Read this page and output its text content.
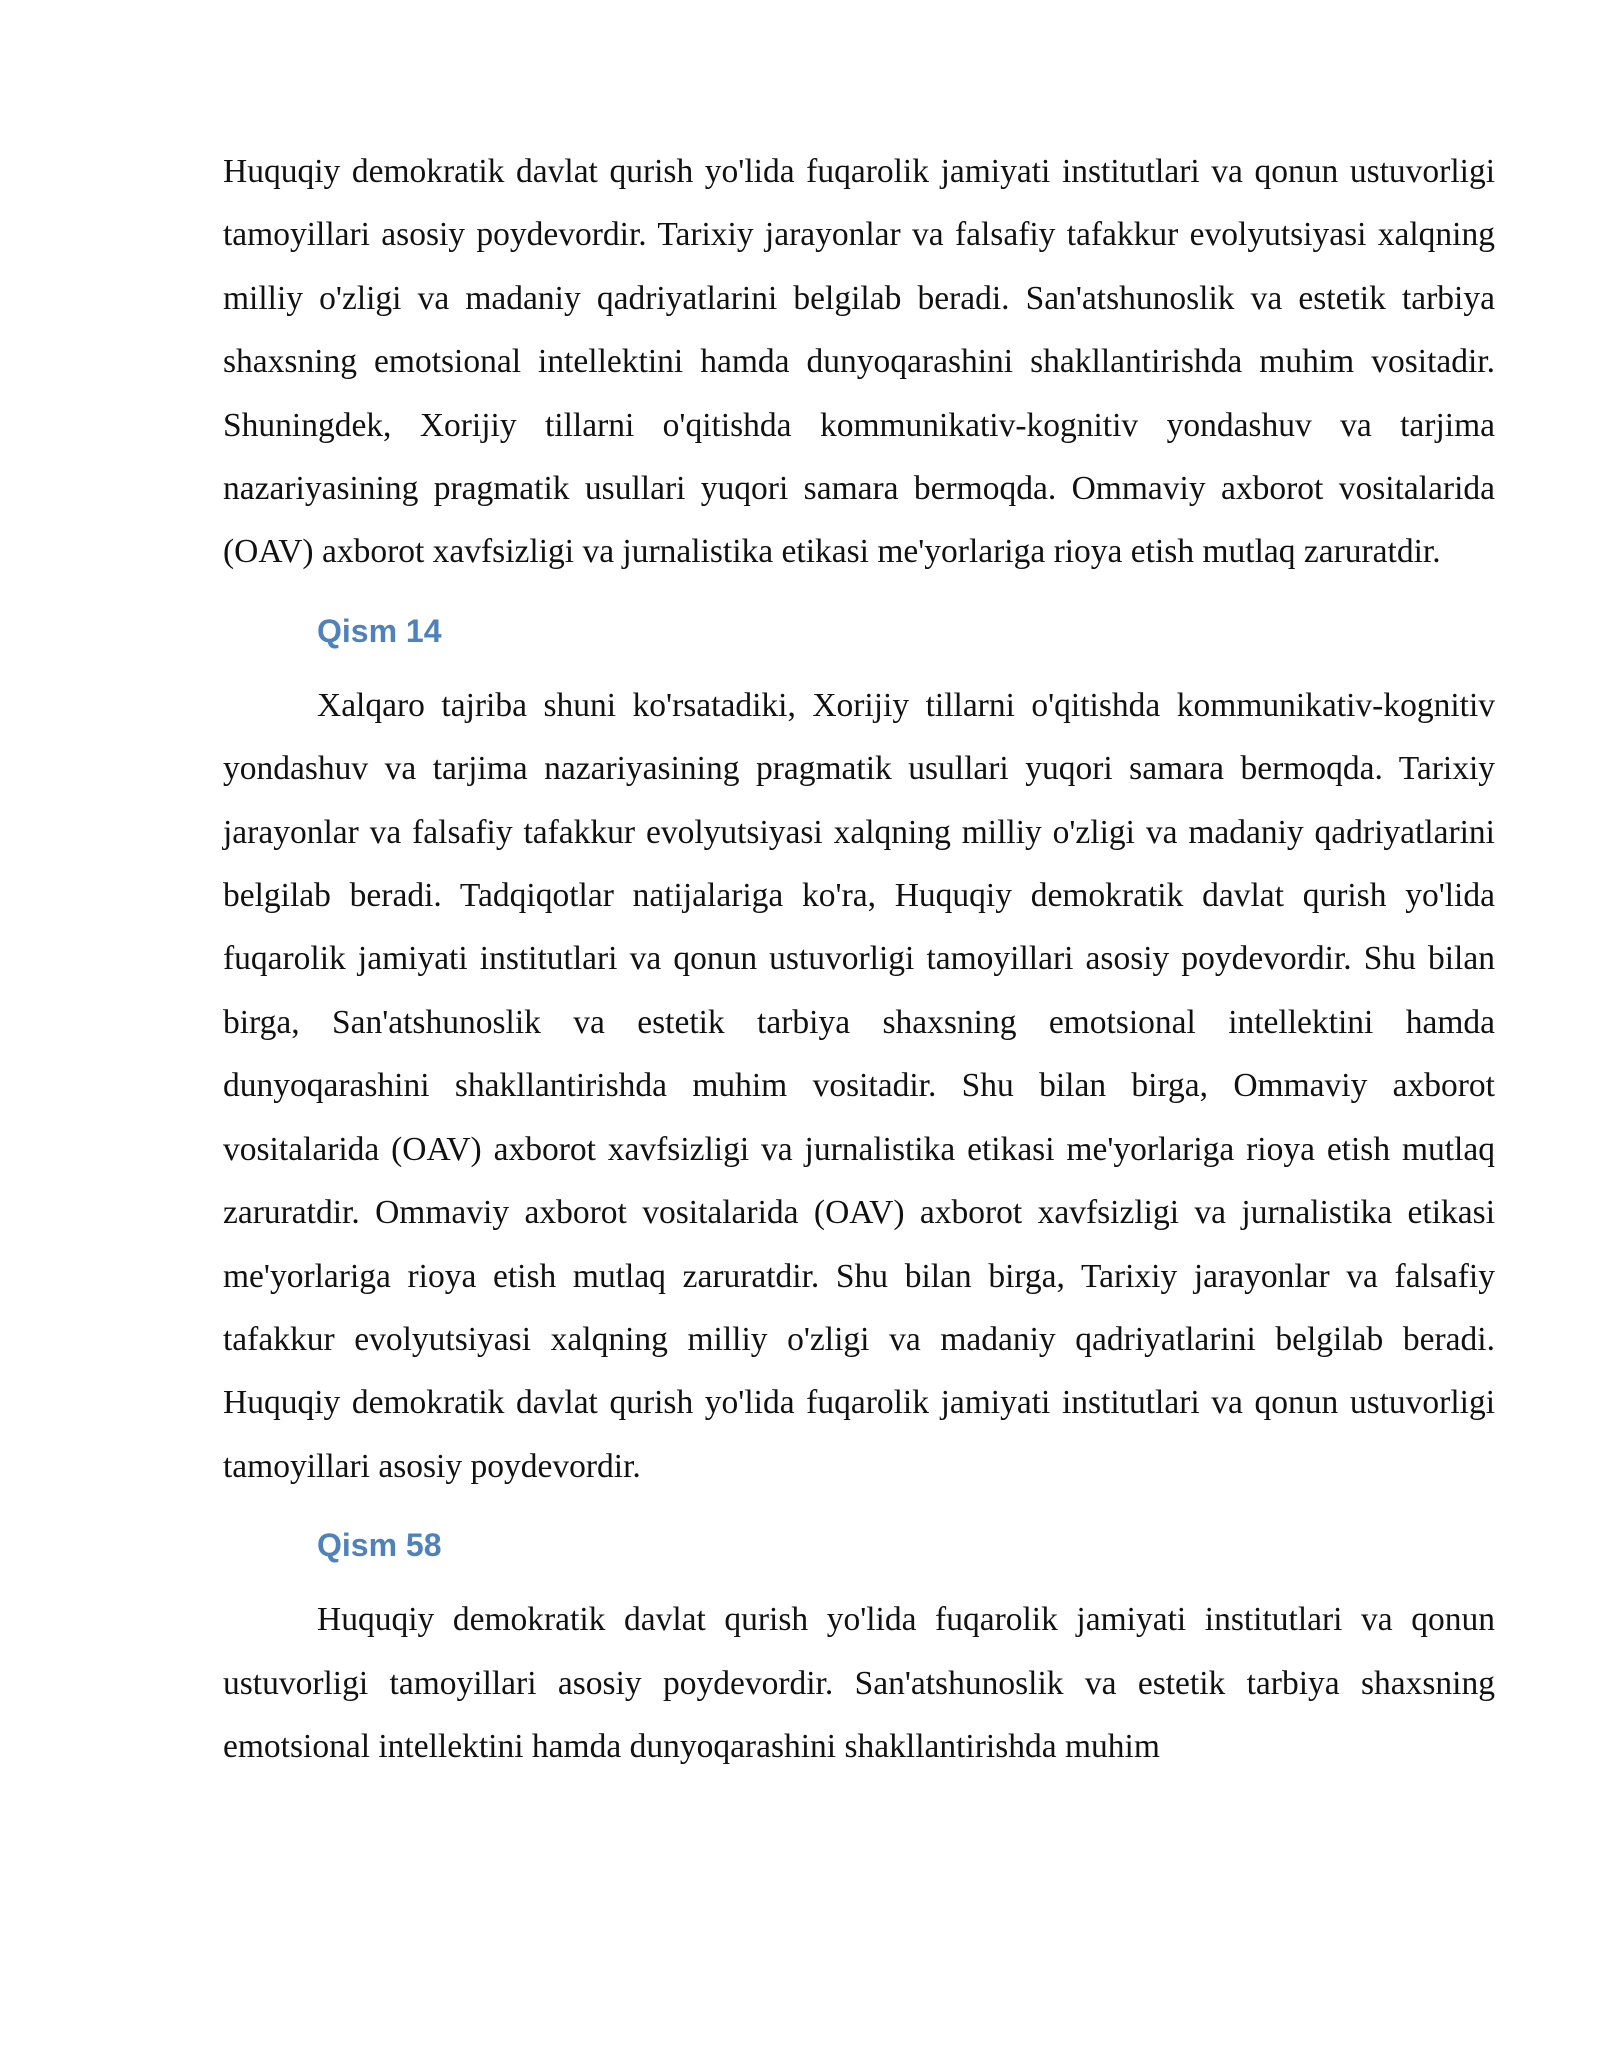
Huquqiy demokratik davlat qurish yo'lida fuqarolik jamiyati institutlari va qonun ustuvorligi tamoyillari asosiy poydevordir. Tarixiy jarayonlar va falsafiy tafakkur evolyutsiyasi xalqning milliy o'zligi va madaniy qadriyatlarini belgilab beradi. San'atshunoslik va estetik tarbiya shaxsning emotsional intellektini hamda dunyoqarashini shakllantirishda muhim vositadir. Shuningdek, Xorijiy tillarni o'qitishda kommunikativ-kognitiv yondashuv va tarjima nazariyasining pragmatik usullari yuqori samara bermoqda. Ommaviy axborot vositalarida (OAV) axborot xavfsizligi va jurnalistika etikasi me'yorlariga rioya etish mutlaq zaruratdir.

Qism 14

Xalqaro tajriba shuni ko'rsatadiki, Xorijiy tillarni o'qitishda kommunikativ-kognitiv yondashuv va tarjima nazariyasining pragmatik usullari yuqori samara bermoqda. Tarixiy jarayonlar va falsafiy tafakkur evolyutsiyasi xalqning milliy o'zligi va madaniy qadriyatlarini belgilab beradi. Tadqiqotlar natijalariga ko'ra, Huquqiy demokratik davlat qurish yo'lida fuqarolik jamiyati institutlari va qonun ustuvorligi tamoyillari asosiy poydevordir. Shu bilan birga, San'atshunoslik va estetik tarbiya shaxsning emotsional intellektini hamda dunyoqarashini shakllantirishda muhim vositadir. Shu bilan birga, Ommaviy axborot vositalarida (OAV) axborot xavfsizligi va jurnalistika etikasi me'yorlariga rioya etish mutlaq zaruratdir. Ommaviy axborot vositalarida (OAV) axborot xavfsizligi va jurnalistika etikasi me'yorlariga rioya etish mutlaq zaruratdir. Shu bilan birga, Tarixiy jarayonlar va falsafiy tafakkur evolyutsiyasi xalqning milliy o'zligi va madaniy qadriyatlarini belgilab beradi. Huquqiy demokratik davlat qurish yo'lida fuqarolik jamiyati institutlari va qonun ustuvorligi tamoyillari asosiy poydevordir.

Qism 58

Huquqiy demokratik davlat qurish yo'lida fuqarolik jamiyati institutlari va qonun ustuvorligi tamoyillari asosiy poydevordir. San'atshunoslik va estetik tarbiya shaxsning emotsional intellektini hamda dunyoqarashini shakllantirishda muhim
